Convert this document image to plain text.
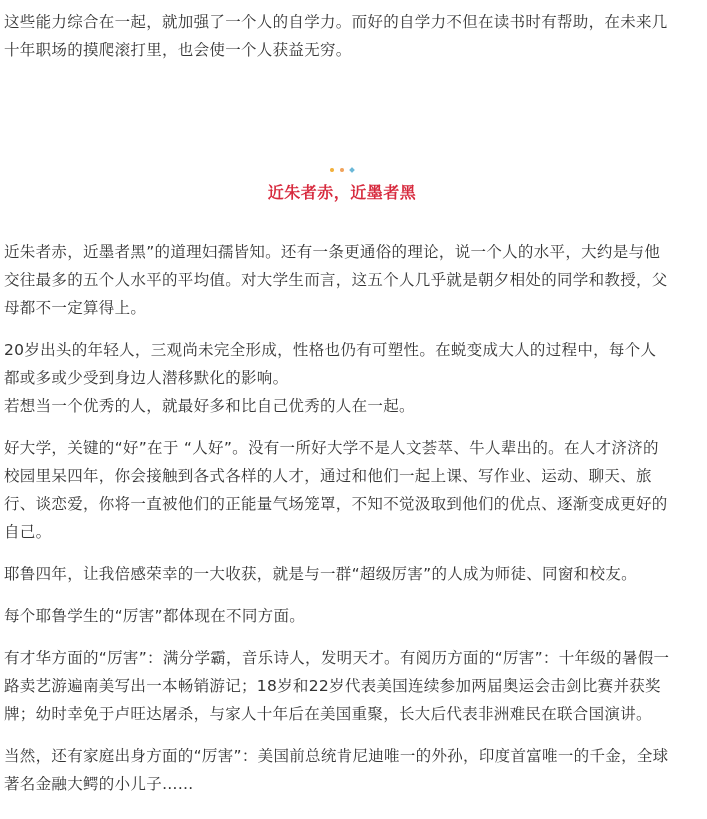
这些能力综合在一起，就加强了一个人的自学力。而好的自学力不但在读书时有帮助，在未来几十年职场的摸爬滚打里，也会使一个人获益无穷。

近朱者赤，近墨者黑

近朱者赤，近墨者黑”的道理妇孺皆知。还有一条更通俗的理论，说一个人的水平，大约是与他交往最多的五个人水平的平均值。对大学生而言，这五个人几乎就是朝夕相处的同学和教授，父母都不一定算得上。

20岁出头的年轻人，三观尚未完全形成，性格也仍有可塑性。在蜕变成大人的过程中，每个人都或多或少受到身边人潜移默化的影响。

若想当一个优秀的人，就最好多和比自己优秀的人在一起。

好大学，关键的“好”在于 “人好”。没有一所好大学不是人文荟萃、牛人辈出的。在人才济济的校园里呆四年，你会接触到各式各样的人才，通过和他们一起上课、写作业、运动、聊天、旅行、谈恋爱，你将一直被他们的正能量气场笼罩，不知不觉汲取到他们的优点、逐渐变成更好的自己。

耶鲁四年，让我倍感荣幸的一大收获，就是与一群“超级厉害”的人成为师徒、同窗和校友。

每个耶鲁学生的“厉害”都体现在不同方面。

有才华方面的“厉害”：满分学霸，音乐诗人，发明天才。有阅历方面的“厉害”：十年级的暑假一路卖艺游遍南美写出一本畅销游记；18岁和22岁代表美国连续参加两届奥运会击剑比赛并获奖牌；幼时幸免于卢旺达屠杀，与家人十年后在美国重聚，长大后代表非洲难民在联合国演讲。

当然，还有家庭出身方面的“厉害”：美国前总统肯尼迪唯一的外孙，印度首富唯一的千金，全球著名金融大鳄的小儿子……
